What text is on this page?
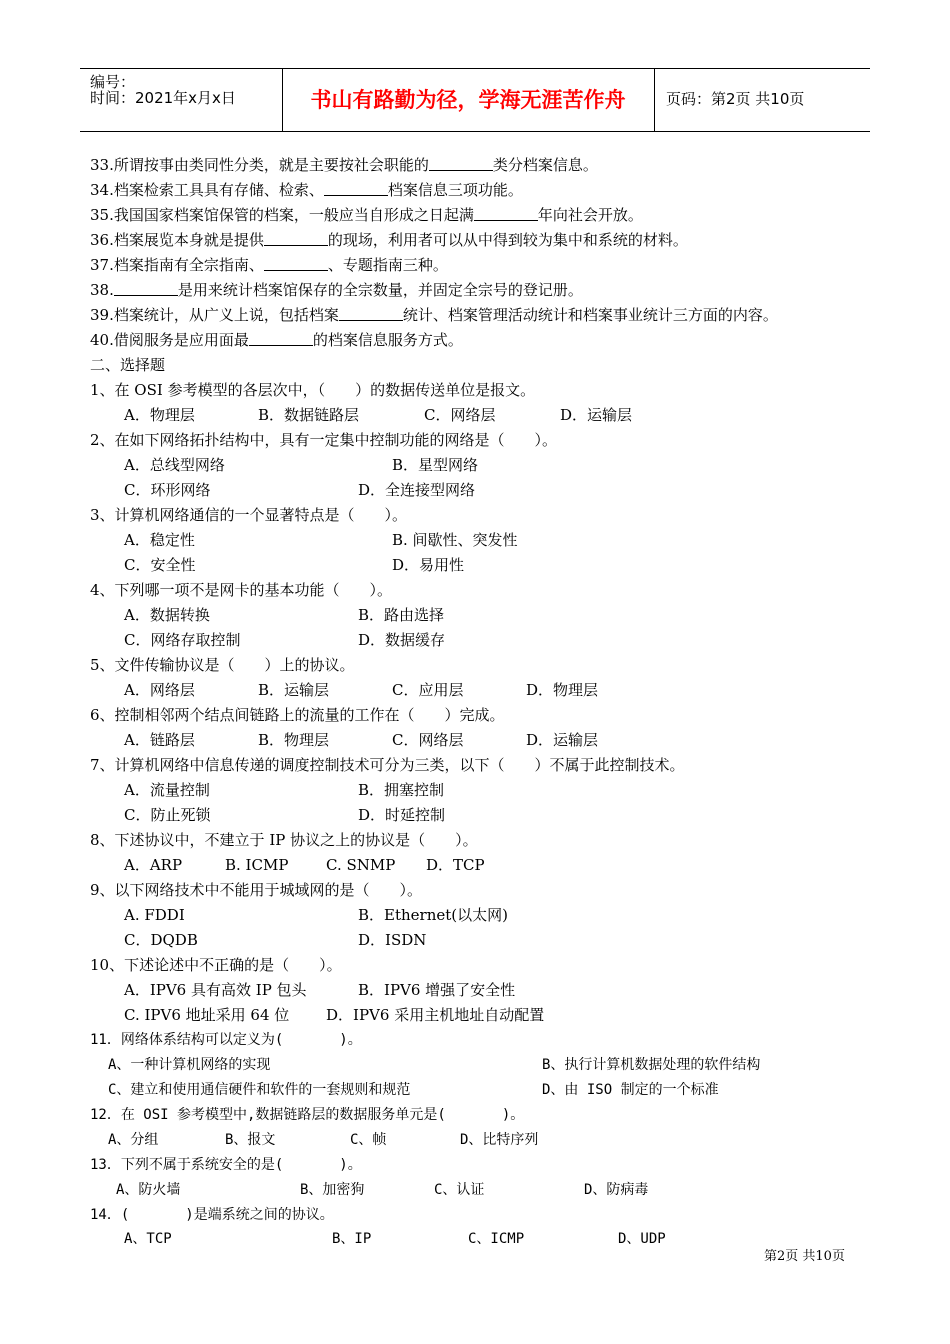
编号：
时间：2021年x月x日	书山有路勤为径，学海无涯苦作舟	页码：第2页 共10页
33.所谓按事由类同性分类，就是主要按社会职能的	类分档案信息。
34.档案检索工具具有存储、检索、	档案信息三项功能。
35.我国国家档案馆保管的档案，一般应当自形成之日起满	年向社会开放。
36.档案展览本身就是提供	的现场，利用者可以从中得到较为集中和系统的材料。
37.档案指南有全宗指南、	、专题指南三种。
38.	是用来统计档案馆保存的全宗数量，并固定全宗号的登记册。
39.档案统计，从广义上说，包括档案	统计、档案管理活动统计和档案事业统计三方面的内容。
40.借阅服务是应用面最	的档案信息服务方式。
二、选择题
1、在 OSI 参考模型的各层次中，（　　）的数据传送单位是报文。
A．物理层	B．数据链路层	C．网络层	D．运输层
2、在如下网络拓扑结构中，具有一定集中控制功能的网络是（　　）。
A．总线型网络	B．星型网络
C．环形网络	D．全连接型网络
3、计算机网络通信的一个显著特点是（　　）。
A．稳定性	B. 间歇性、突发性
C．安全性	D．易用性
4、下列哪一项不是网卡的基本功能（　　）。
A．数据转换	B．路由选择
C．网络存取控制	D．数据缓存
5、文件传输协议是（　　）上的协议。
A．网络层	B．运输层	C．应用层	D．物理层
6、控制相邻两个结点间链路上的流量的工作在（　　）完成。
A．链路层	B．物理层	C．网络层	D．运输层
7、计算机网络中信息传递的调度控制技术可分为三类，以下（　　）不属于此控制技术。
A．流量控制	B．拥塞控制
C．防止死锁	D．时延控制
8、下述协议中，不建立于 IP 协议之上的协议是（　　）。
A．ARP	B. ICMP	C. SNMP D．TCP
9、以下网络技术中不能用于城域网的是（　　）。
A. FDDI	B．Ethernet(以太网)
C．DQDB	D．ISDN
10、下述论述中不正确的是（　　）。
A．IPV6 具有高效 IP 包头	B．IPV6 增强了安全性
C. IPV6 地址采用 64 位 D．IPV6 采用主机地址自动配置
11．网络体系结构可以定义为(　　　　)。
A、一种计算机网络的实现	B、执行计算机数据处理的软件结构
C、建立和使用通信硬件和软件的一套规则和规范	D、由 ISO 制定的一个标准
12．在 OSI 参考模型中,数据链路层的数据服务单元是(　　　　)。
A、分组	B、报文	C、帧	D、比特序列
13．下列不属于系统安全的是(　　　　)。
A、防火墙	B、加密狗	C、认证	D、防病毒
14．(　　　　)是端系统之间的协议。
A、TCP	B、IP	C、ICMP	D、UDP
第2页 共10页
